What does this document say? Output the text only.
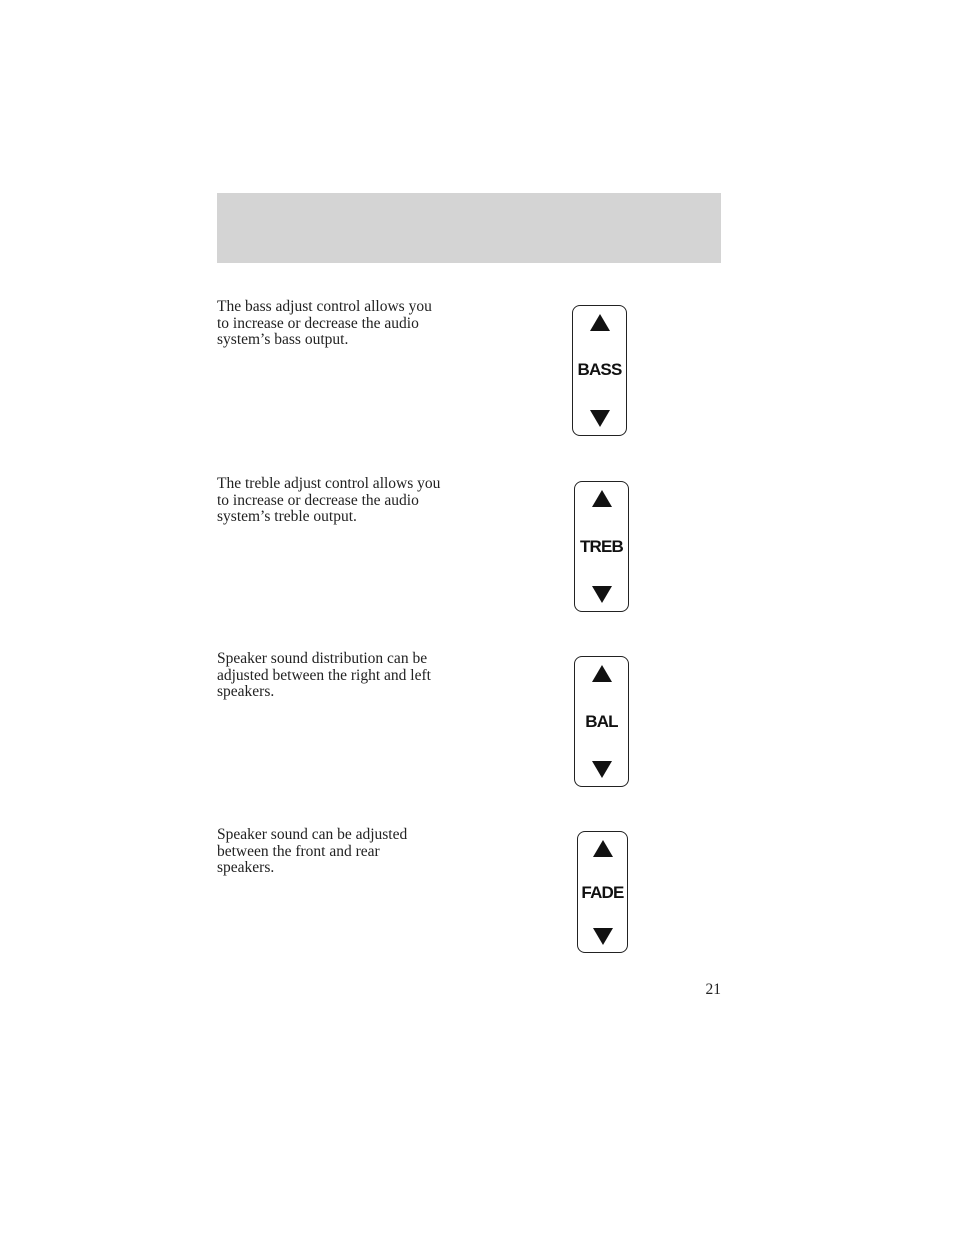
The bass adjust control allows you
to increase or decrease the audio
system’s bass output.

BASS

The treble adjust control allows you
to increase or decrease the audio
system’s treble output.

TREB

Speaker sound distribution can be
adjusted between the right and left
speakers.

BAL

Speaker sound can be adjusted
between the front and rear
speakers.

FADE
21
